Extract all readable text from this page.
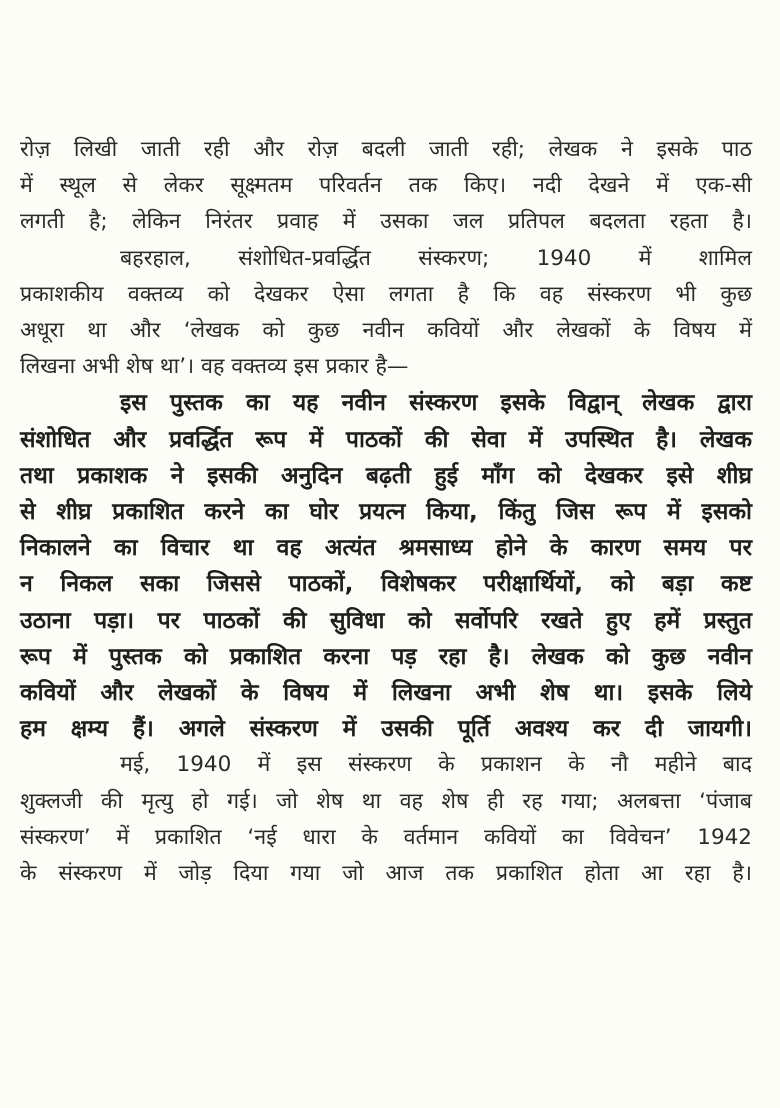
रोज़ लिखी जाती रही और रोज़ बदली जाती रही; लेखक ने इसके पाठ

में स्थूल से लेकर सूक्ष्मतम परिवर्तन तक किए। नदी देखने में एक-सी

लगती है; लेकिन निरंतर प्रवाह में उसका जल प्रतिपल बदलता रहता है।

बहरहाल, संशोधित-प्रवर्द्धित संस्करण; 1940 में शामिल

प्रकाशकीय वक्तव्य को देखकर ऐसा लगता है कि वह संस्करण भी कुछ

अधूरा था और ‘लेखक को कुछ नवीन कवियों और लेखकों के विषय में

लिखना अभी शेष था’। वह वक्तव्य इस प्रकार है—

इस पुस्तक का यह नवीन संस्करण इसके विद्वान् लेखक द्वारा

संशोधित और प्रवर्द्धित रूप में पाठकों की सेवा में उपस्थित है। लेखक

तथा प्रकाशक ने इसकी अनुदिन बढ़ती हुई माँग को देखकर इसे शीघ्र

से शीघ्र प्रकाशित करने का घोर प्रयत्न किया, किंतु जिस रूप में इसको

निकालने का विचार था वह अत्यंत श्रमसाध्य होने के कारण समय पर

न निकल सका जिससे पाठकों, विशेषकर परीक्षार्थियों, को बड़ा कष्ट

उठाना पड़ा। पर पाठकों की सुविधा को सर्वोपरि रखते हुए हमें प्रस्तुत

रूप में पुस्तक को प्रकाशित करना पड़ रहा है। लेखक को कुछ नवीन

कवियों और लेखकों के विषय में लिखना अभी शेष था। इसके लिये

हम क्षम्य हैं। अगले संस्करण में उसकी पूर्ति अवश्य कर दी जायगी।

मई, 1940 में इस संस्करण के प्रकाशन के नौ महीने बाद

शुक्लजी की मृत्यु हो गई। जो शेष था वह शेष ही रह गया; अलबत्ता ‘पंजाब

संस्करण’ में प्रकाशित ‘नई धारा के वर्तमान कवियों का विवेचन’ 1942

के संस्करण में जोड़ दिया गया जो आज तक प्रकाशित होता आ रहा है।
